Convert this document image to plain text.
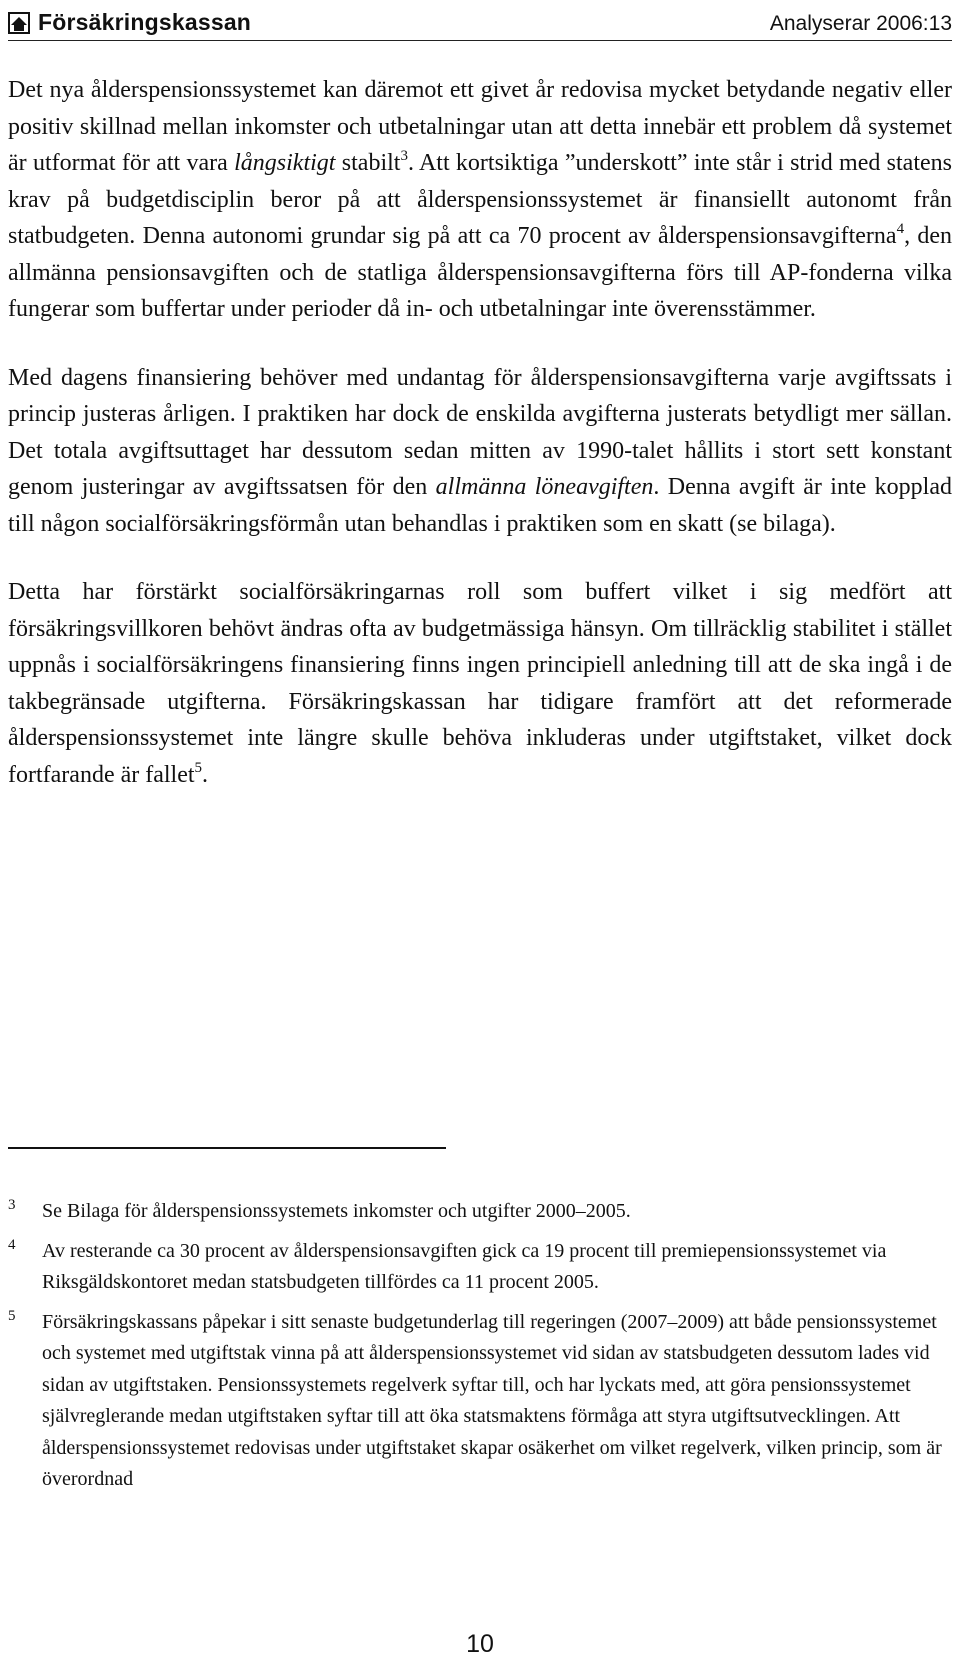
Försäkringskassan	Analyserar 2006:13

Det nya ålderspensionssystemet kan däremot ett givet år redovisa mycket betydande negativ eller positiv skillnad mellan inkomster och utbetalningar utan att detta innebär ett problem då systemet är utformat för att vara långsiktigt stabilt$^3$. Att kortsiktiga ”underskott” inte står i strid med statens krav på budgetdisciplin beror på att ålderspensionssystemet är finansiellt autonomt från statbudgeten. Denna autonomi grundar sig på att ca 70 procent av ålderspensionsavgifterna$^4$, den allmänna pensionsavgiften och de statliga ålderspensionsavgifterna förs till AP-fonderna vilka fungerar som buffertar under perioder då in- och utbetalningar inte överensstämmer.

Med dagens finansiering behöver med undantag för ålderspensionsavgifterna varje avgiftssats i princip justeras årligen. I praktiken har dock de enskilda avgifterna justerats betydligt mer sällan. Det totala avgiftsuttaget har dessutom sedan mitten av 1990-talet hållits i stort sett konstant genom justeringar av avgiftssatsen för den allmänna löneavgiften. Denna avgift är inte kopplad till någon socialförsäkringsförmån utan behandlas i praktiken som en skatt (se bilaga).

Detta har förstärkt socialförsäkringarnas roll som buffert vilket i sig medfört att försäkringsvillkoren behövt ändras ofta av budgetmässiga hänsyn. Om tillräcklig stabilitet i stället uppnås i socialförsäkringens finansiering finns ingen principiell anledning till att de ska ingå i de takbegränsade utgifterna. Försäkringskassan har tidigare framfört att det reformerade ålderspensionssystemet inte längre skulle behöva inkluderas under utgiftstaket, vilket dock fortfarande är fallet$^5$.

3 Se Bilaga för ålderspensionssystemets inkomster och utgifter 2000–2005.
4 Av resterande ca 30 procent av ålderspensionsavgiften gick ca 19 procent till premiepensionssystemet via Riksgäldskontoret medan statsbudgeten tillfördes ca 11 procent 2005.
5 Försäkringskassans påpekar i sitt senaste budgetunderlag till regeringen (2007–2009) att både pensionssystemet och systemet med utgiftstak vinna på att ålderspensionssystemet vid sidan av statsbudgeten dessutom lades vid sidan av utgiftstaken. Pensionssystemets regelverk syftar till, och har lyckats med, att göra pensionssystemet självreglerande medan utgiftstaken syftar till att öka statsmaktens förmåga att styra utgiftsutvecklingen. Att ålderspensionssystemet redovisas under utgiftstaket skapar osäkerhet om vilket regelverk, vilken princip, som är överordnad
10
